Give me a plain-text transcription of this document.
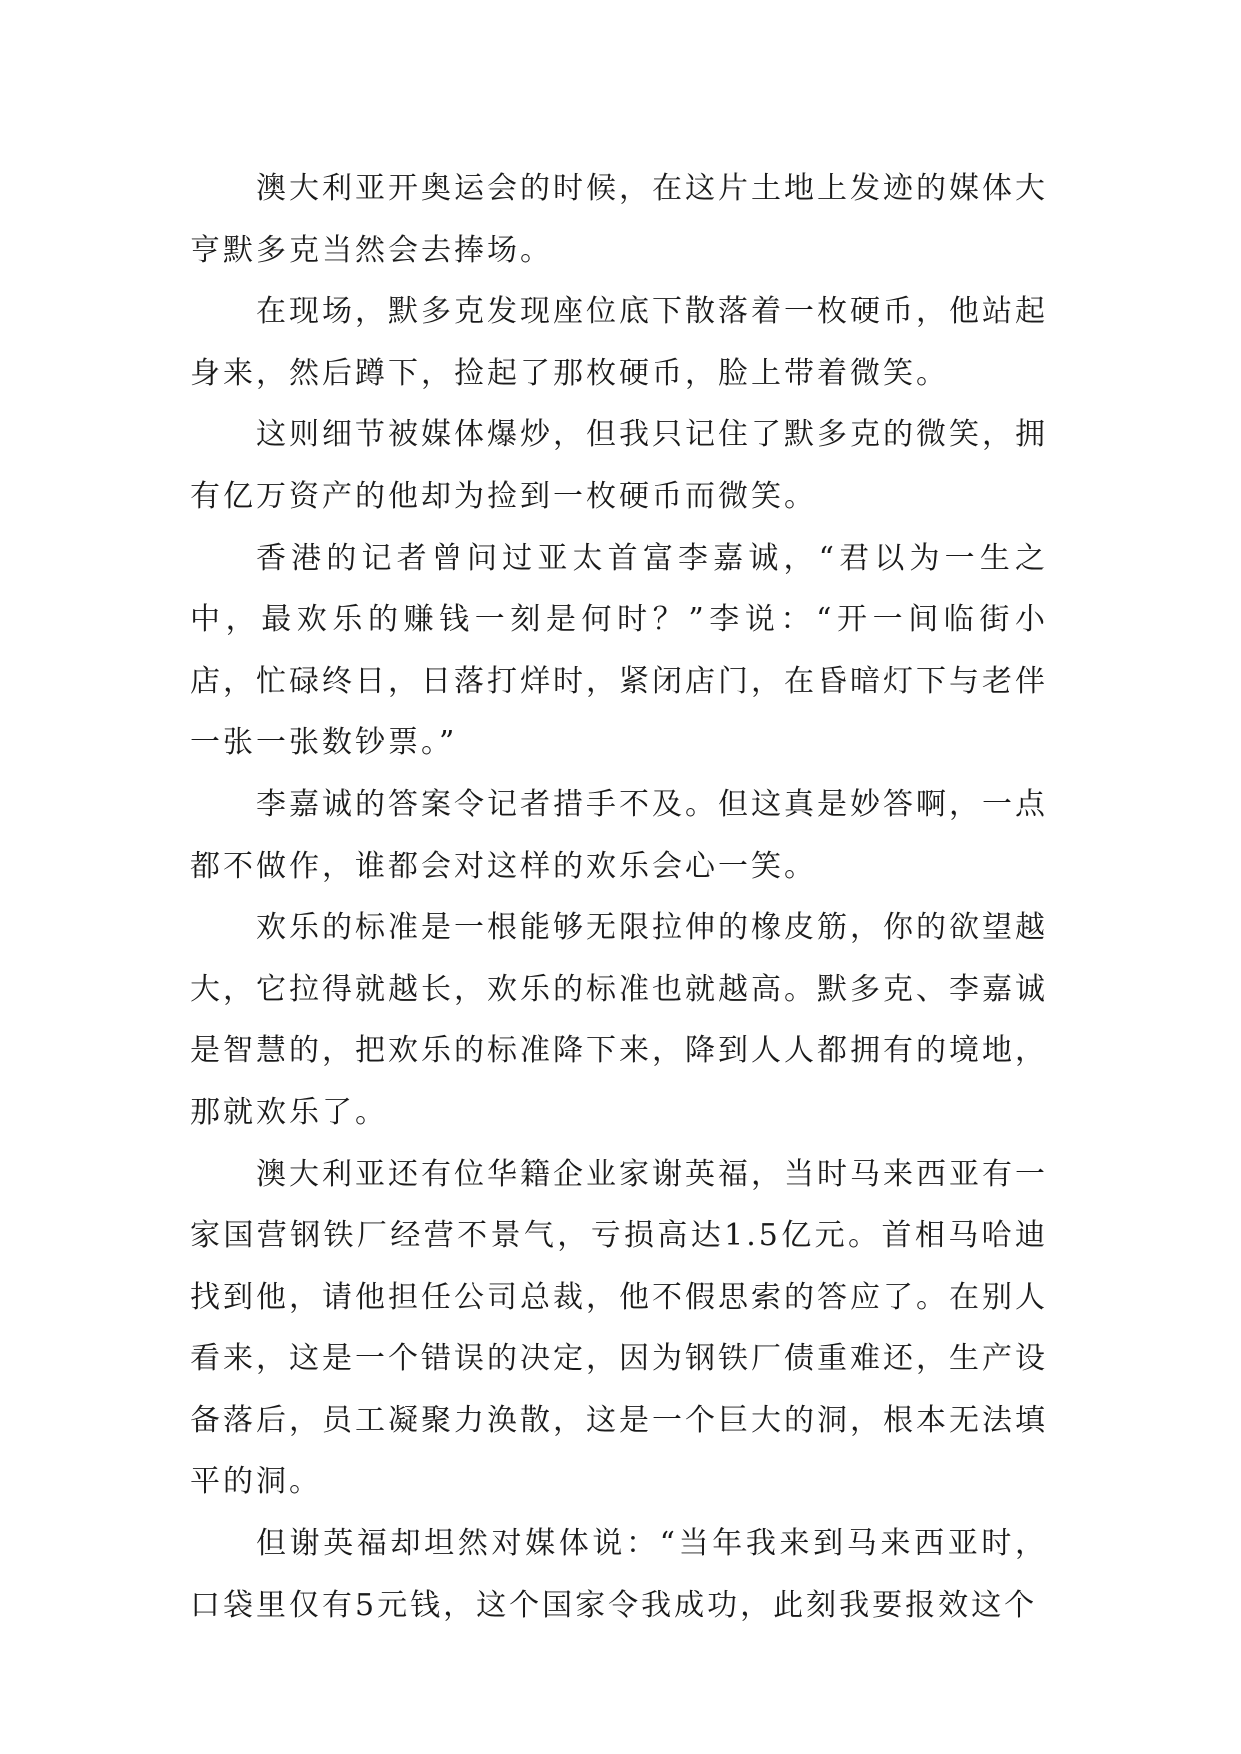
澳大利亚开奥运会的时候，在这片土地上发迹的媒体大亨默多克当然会去捧场。

在现场，默多克发现座位底下散落着一枚硬币，他站起身来，然后蹲下，捡起了那枚硬币，脸上带着微笑。

这则细节被媒体爆炒，但我只记住了默多克的微笑，拥有亿万资产的他却为捡到一枚硬币而微笑。

香港的记者曾问过亚太首富李嘉诚，“君以为一生之中，最欢乐的赚钱一刻是何时？”李说：“开一间临街小店，忙碌终日，日落打烊时，紧闭店门，在昏暗灯下与老伴一张一张数钞票。”

李嘉诚的答案令记者措手不及。但这真是妙答啊，一点都不做作，谁都会对这样的欢乐会心一笑。

欢乐的标准是一根能够无限拉伸的橡皮筋，你的欲望越大，它拉得就越长，欢乐的标准也就越高。默多克、李嘉诚是智慧的，把欢乐的标准降下来，降到人人都拥有的境地，那就欢乐了。

澳大利亚还有位华籍企业家谢英福，当时马来西亚有一家国营钢铁厂经营不景气，亏损高达1.5亿元。首相马哈迪找到他，请他担任公司总裁，他不假思索的答应了。在别人看来，这是一个错误的决定，因为钢铁厂债重难还，生产设备落后，员工凝聚力涣散，这是一个巨大的洞，根本无法填平的洞。

但谢英福却坦然对媒体说：“当年我来到马来西亚时，口袋里仅有5元钱，这个国家令我成功，此刻我要报效这个
